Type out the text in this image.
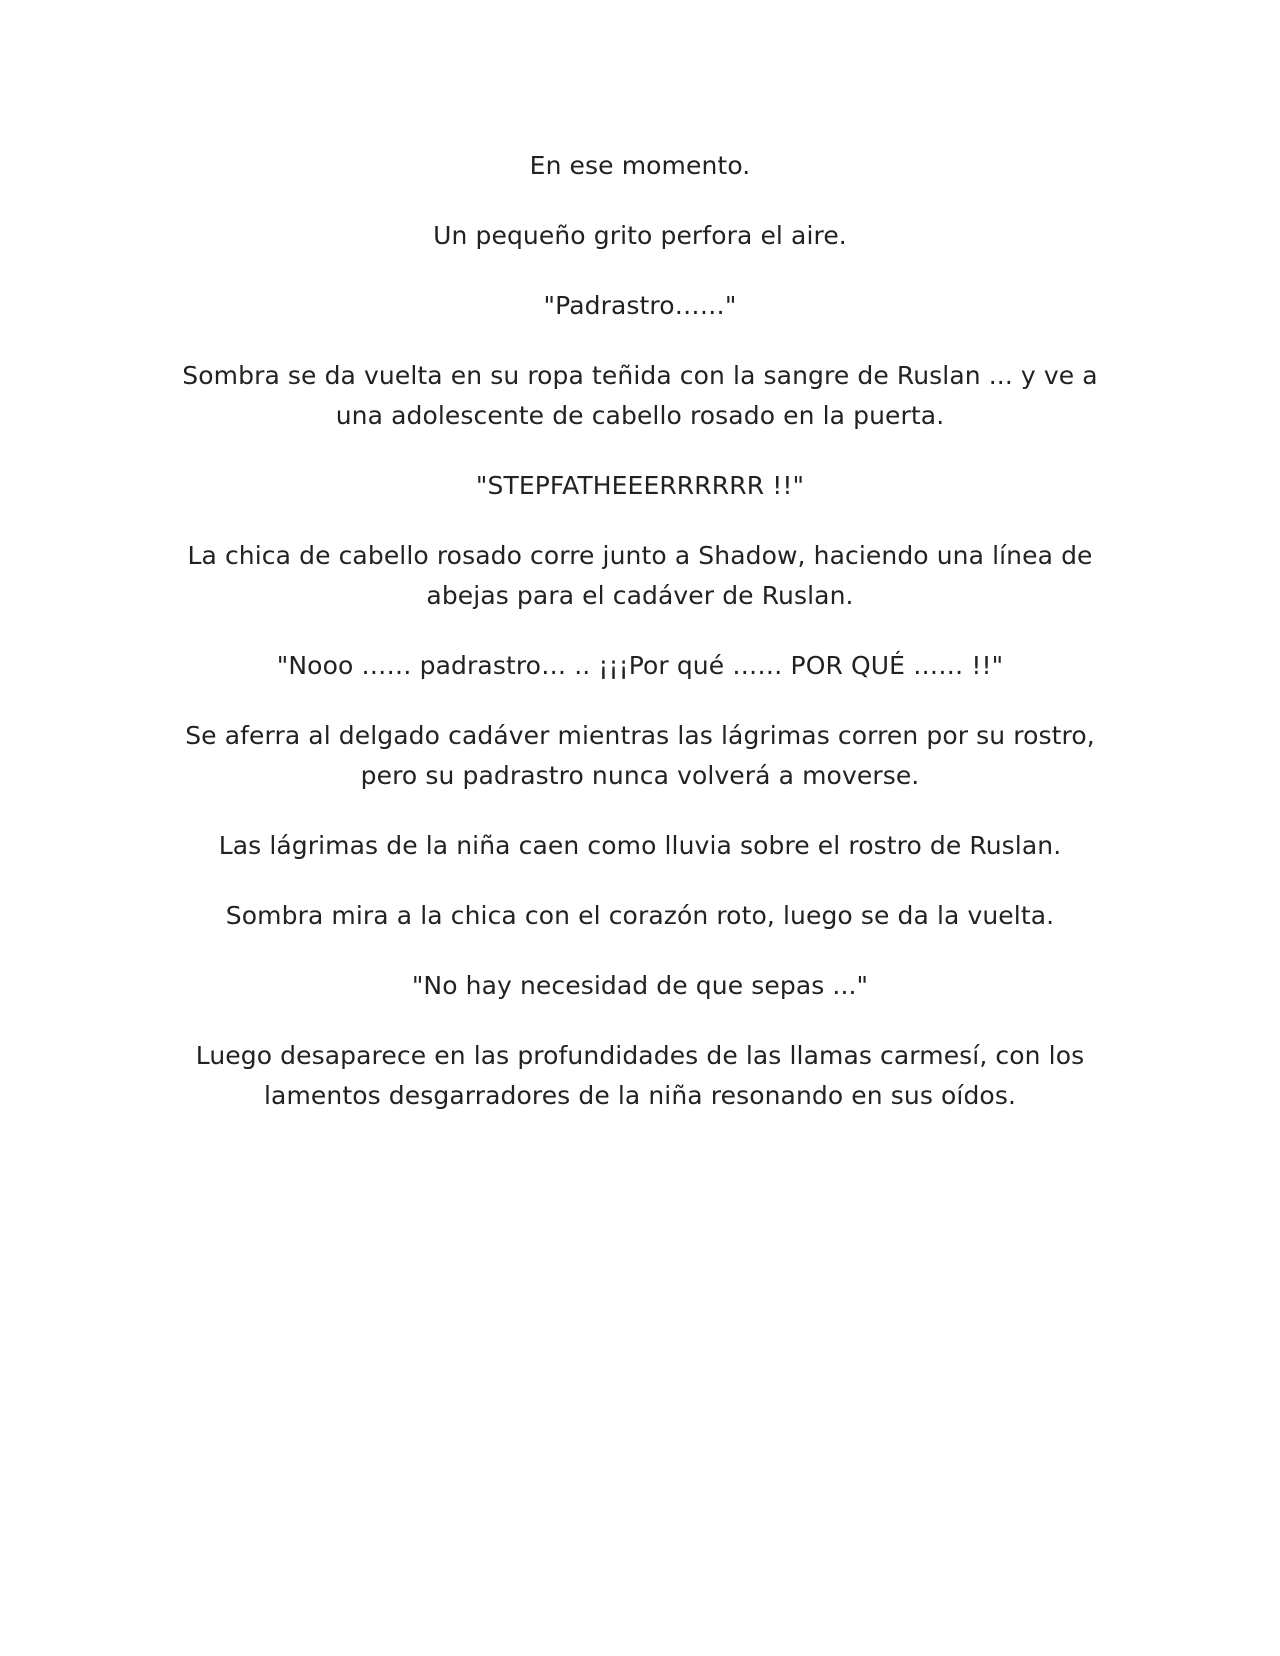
En ese momento.

Un pequeño grito perfora el aire.

"Padrastro……"

Sombra se da vuelta en su ropa teñida con la sangre de Ruslan ... y ve a una adolescente de cabello rosado en la puerta.

"STEPFATHEEERRRRRR !!"

La chica de cabello rosado corre junto a Shadow, haciendo una línea de abejas para el cadáver de Ruslan.

"Nooo …… padrastro… .. ¡¡¡Por qué …… POR QUÉ …… !!"

Se aferra al delgado cadáver mientras las lágrimas corren por su rostro, pero su padrastro nunca volverá a moverse.

Las lágrimas de la niña caen como lluvia sobre el rostro de Ruslan.

Sombra mira a la chica con el corazón roto, luego se da la vuelta.

"No hay necesidad de que sepas ..."

Luego desaparece en las profundidades de las llamas carmesí, con los lamentos desgarradores de la niña resonando en sus oídos.
